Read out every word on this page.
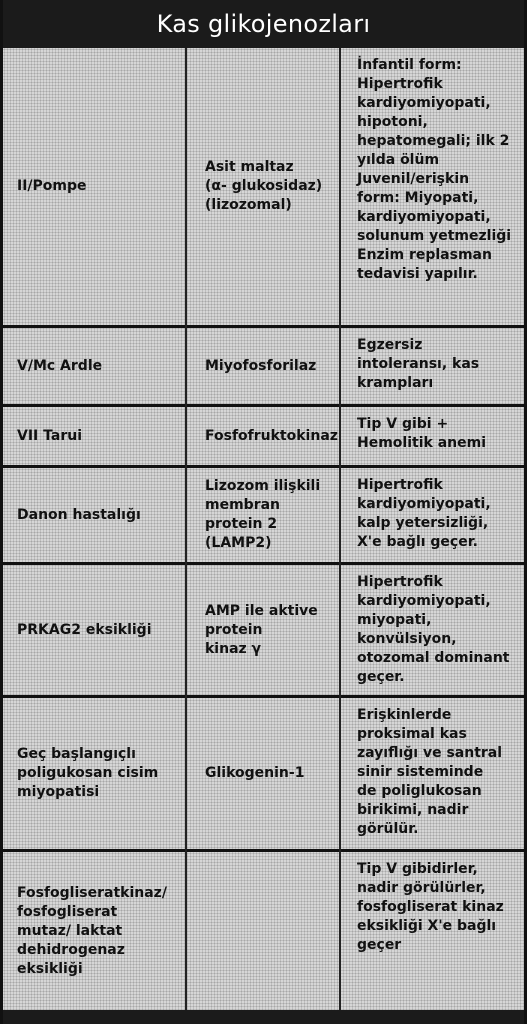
Kas glikojenozları
II/Pompe
Asit maltaz
(α- glukosidaz)
(lizozomal)
İnfantil form:
Hipertrofik
kardiyomiyopati,
hipotoni,
hepatomegali; ilk 2
yılda ölüm
Juvenil/erişkin
form: Miyopati,
kardiyomiyopati,
solunum yetmezliği
Enzim replasman
tedavisi yapılır.
V/Mc Ardle	Miyofosforilaz
Egzersiz
intoleransı, kas
krampları
VII Tarui	Fosfofruktokinaz
Tip V gibi +
Hemolitik anemi
Danon hastalığı
Lizozom ilişkili
membran
protein 2
(LAMP2)
Hipertrofik
kardiyomiyopati,
kalp yetersizliği,
X'e bağlı geçer.
PRKAG2 eksikliği
AMP ile aktive
protein
kinaz γ
Hipertrofik
kardiyomiyopati,
miyopati,
konvülsiyon,
otozomal dominant
geçer.
Geç başlangıçlı
poligukosan cisim
miyopatisi
Glikogenin-1
Erişkinlerde
proksimal kas
zayıflığı ve santral
sinir sisteminde
de poliglukosan
birikimi, nadir
görülür.
Fosfogliseratkinaz/
fosfogliserat
mutaz/ laktat
dehidrogenaz
eksikliği
Tip V gibidirler,
nadir görülürler,
fosfogliserat kinaz
eksikliği X'e bağlı
geçer
